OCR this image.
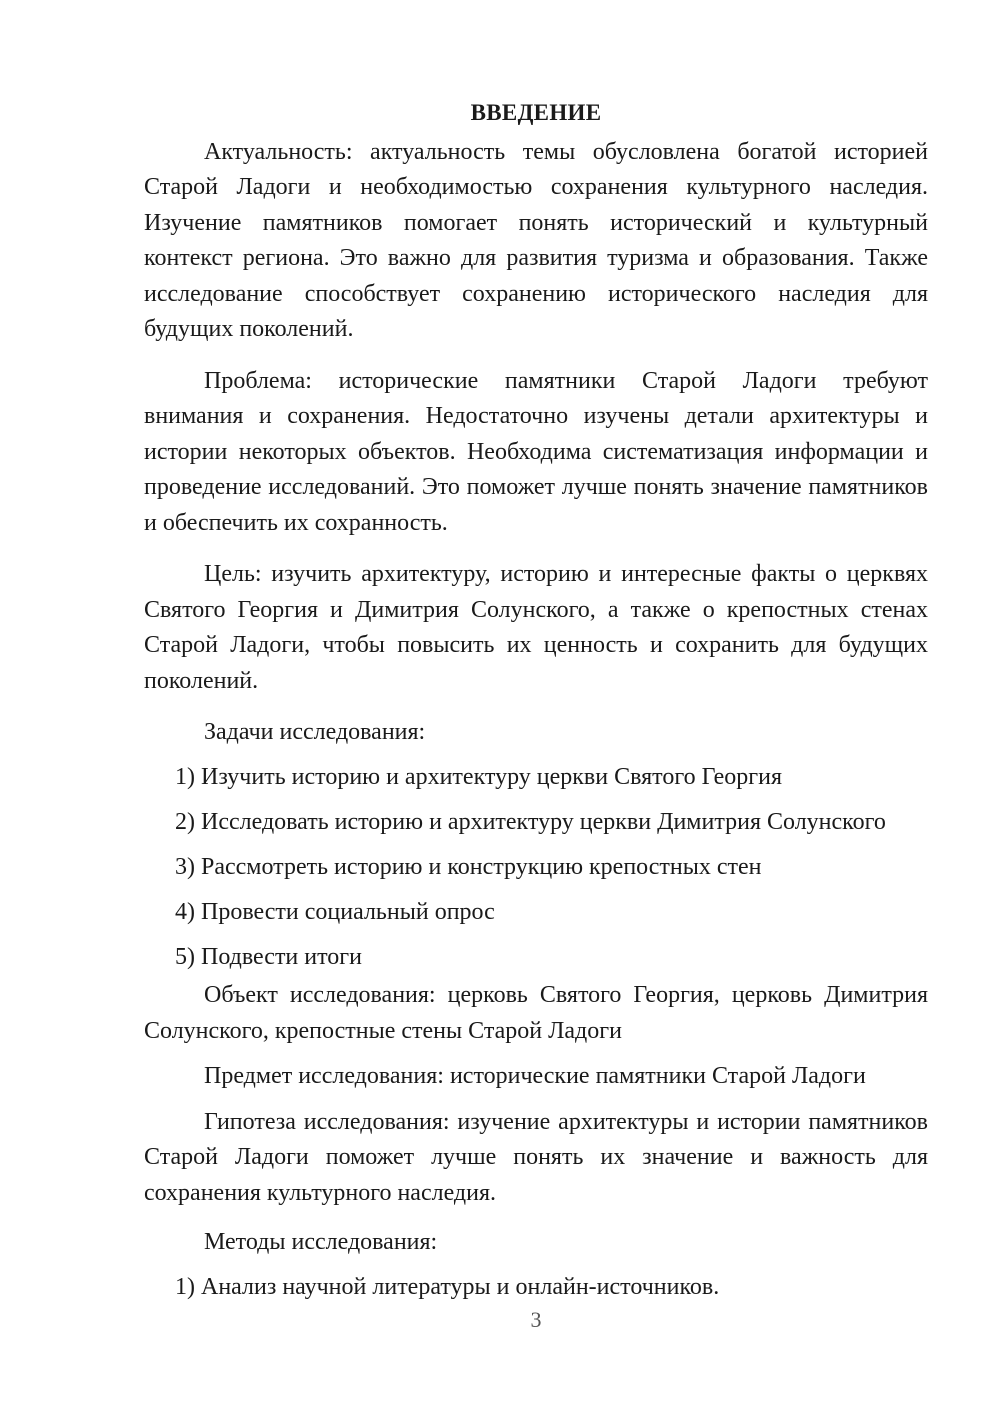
ВВЕДЕНИЕ

Актуальность: актуальность темы обусловлена богатой историей Старой Ладоги и необходимостью сохранения культурного наследия. Изучение памятников помогает понять исторический и культурный контекст региона. Это важно для развития туризма и образования. Также исследование способствует сохранению исторического наследия для будущих поколений.

Проблема: исторические памятники Старой Ладоги требуют внимания и сохранения. Недостаточно изучены детали архитектуры и истории некоторых объектов. Необходима систематизация информации и проведение исследований. Это поможет лучше понять значение памятников и обеспечить их сохранность.

Цель: изучить архитектуру, историю и интересные факты о церквях Святого Георгия и Димитрия Солунского, а также о крепостных стенах Старой Ладоги, чтобы повысить их ценность и сохранить для будущих поколений.

Задачи исследования:
1) Изучить историю и архитектуру церкви Святого Георгия
2) Исследовать историю и архитектуру церкви Димитрия Солунского
3) Рассмотреть историю и конструкцию крепостных стен
4) Провести социальный опрос
5) Подвести итоги

Объект исследования: церковь Святого Георгия, церковь Димитрия Солунского, крепостные стены Старой Ладоги

Предмет исследования: исторические памятники Старой Ладоги

Гипотеза исследования: изучение архитектуры и истории памятников Старой Ладоги поможет лучше понять их значение и важность для сохранения культурного наследия.

Методы исследования:
1) Анализ научной литературы и онлайн-источников.
3
